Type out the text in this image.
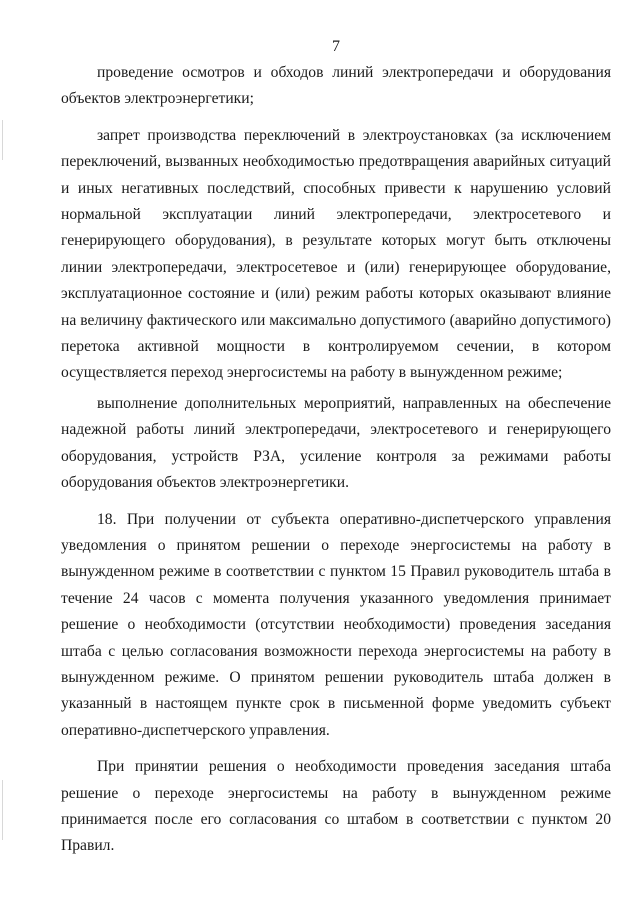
7

проведение осмотров и обходов линий электропередачи и оборудования объектов электроэнергетики;

запрет производства переключений в электроустановках (за исключением переключений, вызванных необходимостью предотвращения аварийных ситуаций и иных негативных последствий, способных привести к нарушению условий нормальной эксплуатации линий электропередачи, электросетевого и генерирующего оборудования), в результате которых могут быть отключены линии электропередачи, электросетевое и (или) генерирующее оборудование, эксплуатационное состояние и (или) режим работы которых оказывают влияние на величину фактического или максимально допустимого (аварийно допустимого) перетока активной мощности в контролируемом сечении, в котором осуществляется переход энергосистемы на работу в вынужденном режиме;

выполнение дополнительных мероприятий, направленных на обеспечение надежной работы линий электропередачи, электросетевого и генерирующего оборудования, устройств РЗА, усиление контроля за режимами работы оборудования объектов электроэнергетики.

18. При получении от субъекта оперативно-диспетчерского управления уведомления о принятом решении о переходе энергосистемы на работу в вынужденном режиме в соответствии с пунктом 15 Правил руководитель штаба в течение 24 часов с момента получения указанного уведомления принимает решение о необходимости (отсутствии необходимости) проведения заседания штаба с целью согласования возможности перехода энергосистемы на работу в вынужденном режиме. О принятом решении руководитель штаба должен в указанный в настоящем пункте срок в письменной форме уведомить субъект оперативно-диспетчерского управления.

При принятии решения о необходимости проведения заседания штаба решение о переходе энергосистемы на работу в вынужденном режиме принимается после его согласования со штабом в соответствии с пунктом 20 Правил.
